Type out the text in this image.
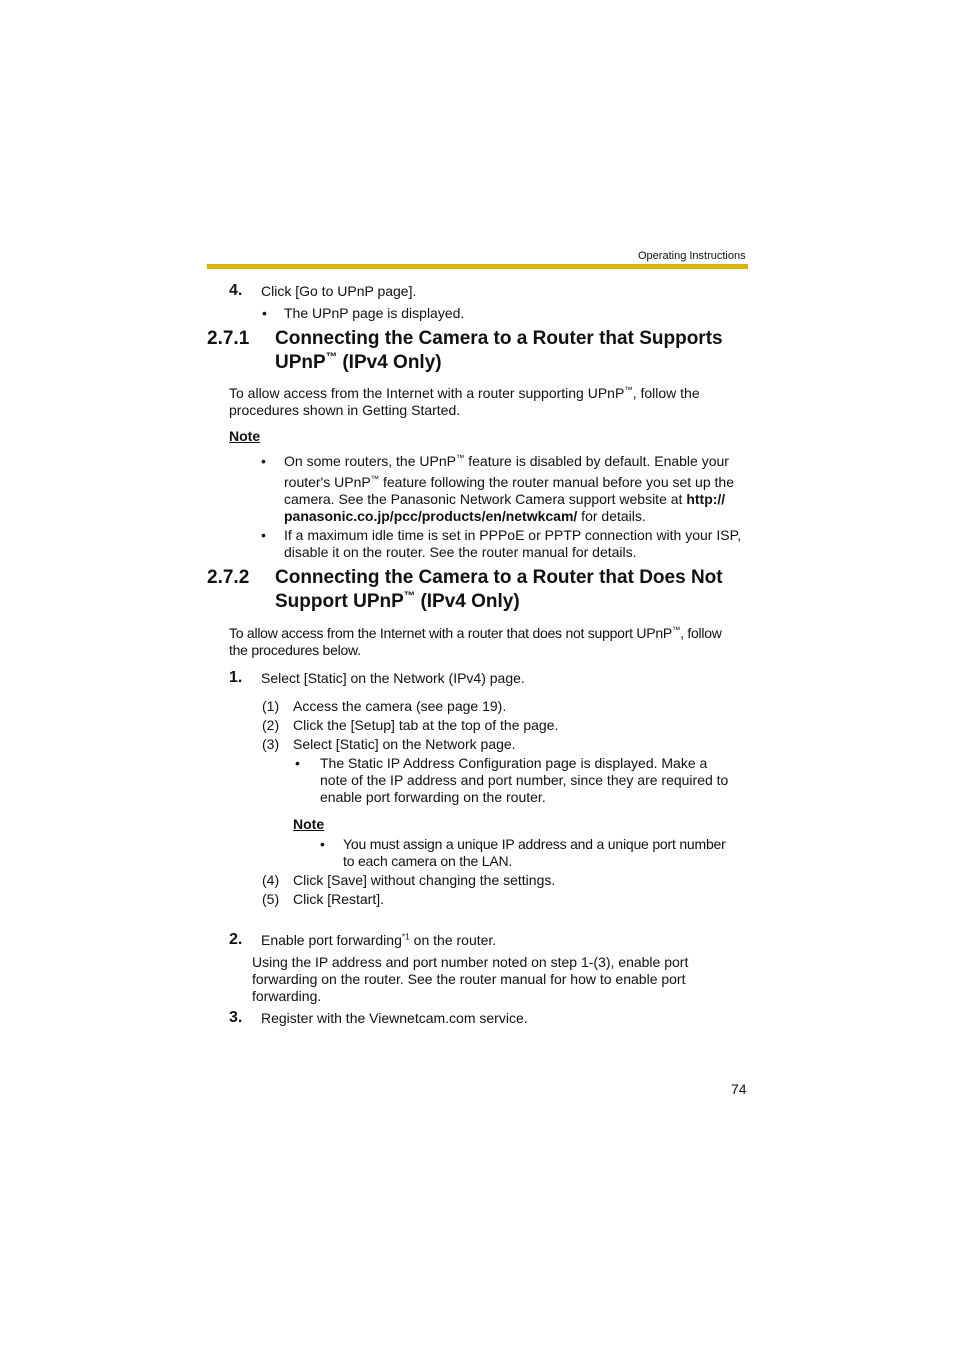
Operating Instructions
4. Click [Go to UPnP page].
• The UPnP page is displayed.
2.7.1 Connecting the Camera to a Router that Supports
UPnP™ (IPv4 Only)
To allow access from the Internet with a router supporting UPnP™, follow the
procedures shown in Getting Started.
Note
• On some routers, the UPnP™ feature is disabled by default. Enable your
router's UPnP™ feature following the router manual before you set up the
camera. See the Panasonic Network Camera support website at http://
panasonic.co.jp/pcc/products/en/netwkcam/ for details.
• If a maximum idle time is set in PPPoE or PPTP connection with your ISP,
disable it on the router. See the router manual for details.
2.7.2 Connecting the Camera to a Router that Does Not
Support UPnP™ (IPv4 Only)
To allow access from the Internet with a router that does not support UPnP™, follow
the procedures below.
1. Select [Static] on the Network (IPv4) page.
(1) Access the camera (see page 19).
(2) Click the [Setup] tab at the top of the page.
(3) Select [Static] on the Network page.
• The Static IP Address Configuration page is displayed. Make a
note of the IP address and port number, since they are required to
enable port forwarding on the router.
Note
• You must assign a unique IP address and a unique port number
to each camera on the LAN.
(4) Click [Save] without changing the settings.
(5) Click [Restart].
2. Enable port forwarding$^{*1}$ on the router.
Using the IP address and port number noted on step 1-(3), enable port
forwarding on the router. See the router manual for how to enable port
forwarding.
3. Register with the Viewnetcam.com service.
74
